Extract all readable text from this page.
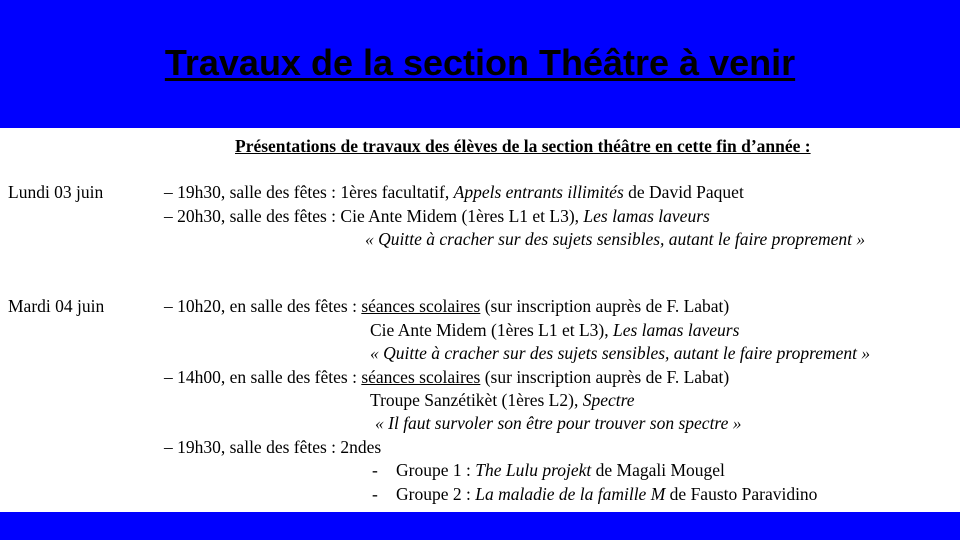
Travaux de la section Théâtre à venir
Présentations de travaux des élèves de la section théâtre en cette fin d’année :
Lundi 03 juin	– 19h30, salle des fêtes : 1ères facultatif, Appels entrants illimités de David Paquet
– 20h30, salle des fêtes : Cie Ante Midem (1ères L1 et L3), Les lamas laveurs
« Quitte à cracher sur des sujets sensibles, autant le faire proprement »
Mardi 04 juin	– 10h20, en salle des fêtes : séances scolaires (sur inscription auprès de F. Labat)
Cie Ante Midem (1ères L1 et L3), Les lamas laveurs
« Quitte à cracher sur des sujets sensibles, autant le faire proprement »
– 14h00, en salle des fêtes : séances scolaires (sur inscription auprès de F. Labat)
Troupe Sanzétikèt (1ères L2), Spectre
« Il faut survoler son être pour trouver son spectre »
– 19h30, salle des fêtes : 2ndes
- Groupe 1 : The Lulu projekt de Magali Mougel
- Groupe 2 : La maladie de la famille M de Fausto Paravidino
